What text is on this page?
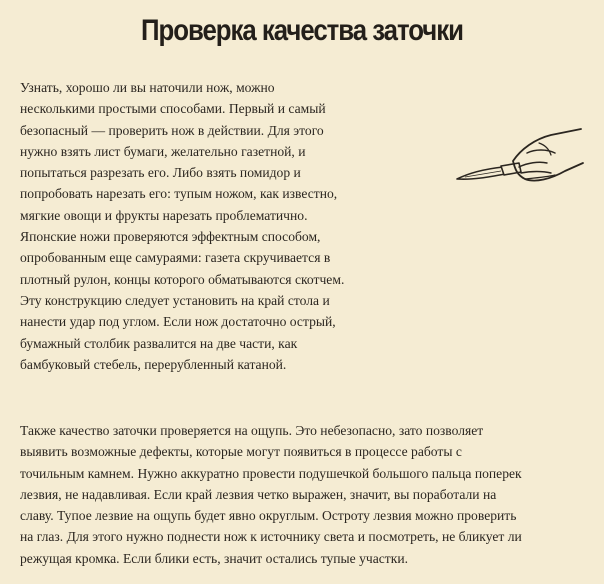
Проверка качества заточки

Узнать, хорошо ли вы наточили нож, можно
несколькими простыми способами. Первый и самый
безопасный — проверить нож в действии. Для этого
нужно взять лист бумаги, желательно газетной, и
попытаться разрезать его. Либо взять помидор и
попробовать нарезать его: тупым ножом, как известно,
мягкие овощи и фрукты нарезать проблематично.
Японские ножи проверяются эффектным способом,
опробованным еще самураями: газета скручивается в
плотный рулон, концы которого обматываются скотчем.
Эту конструкцию следует установить на край стола и
нанести удар под углом. Если нож достаточно острый,
бумажный столбик развалится на две части, как
бамбуковый стебель, перерубленный катаной.

Также качество заточки проверяется на ощупь. Это небезопасно, зато позволяет
выявить возможные дефекты, которые могут появиться в процессе работы с
точильным камнем. Нужно аккуратно провести подушечкой большого пальца поперек
лезвия, не надавливая. Если край лезвия четко выражен, значит, вы поработали на
славу. Тупое лезвие на ощупь будет явно округлым. Остроту лезвия можно проверить
на глаз. Для этого нужно поднести нож к источнику света и посмотреть, не бликует ли
режущая кромка. Если блики есть, значит остались тупые участки.
